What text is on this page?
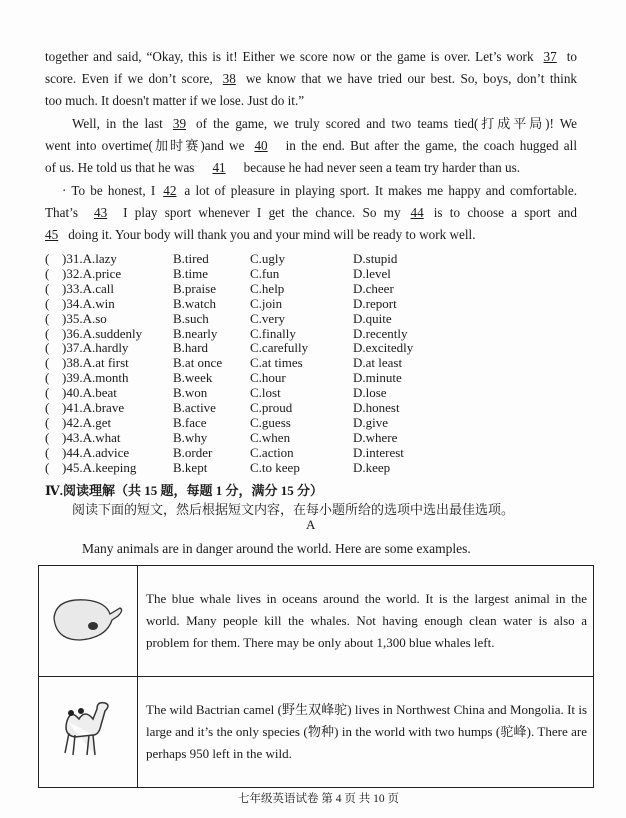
together and said, “Okay, this is it! Either we score now or the game is over. Let’s work 37 to
score. Even if we don’t score, 38 we know that we have tried our best. So, boys, don’t think
too much. It doesn't matter if we lose. Just do it.”
Well, in the last 39 of the game, we truly scored and two teams tied(打成平局)! We
went into overtime(加时赛)and we 40 in the end. But after the game, the coach hugged all
of us. He told us that he was 41 because he had never seen a team try harder than us.
· To be honest, I 42 a lot of pleasure in playing sport. It makes me happy and comfortable.
That’s 43 I play sport whenever I get the chance. So my 44 is to choose a sport and
45 doing it. Your body will thank you and your mind will be ready to work well.
( )31.A.lazy	B.tired	C.ugly	D.stupid
( )32.A.price	B.time	C.fun	D.level
( )33.A.call	B.praise	C.help	D.cheer
( )34.A.win	B.watch	C.join	D.report
( )35.A.so	B.such	C.very	D.quite
( )36.A.suddenly B.nearly	C.finally	D.recently
( )37.A.hardly	B.hard	C.carefully	D.excitedly
( )38.A.at first	B.at once C.at times	D.at least
( )39.A.month	B.week	C.hour	D.minute
( )40.A.beat	B.won	C.lost	D.lose
( )41.A.brave	B.active	C.proud	D.honest
( )42.A.get	B.face	C.guess	D.give
( )43.A.what	B.why	C.when	D.where
( )44.A.advice	B.order	C.action	D.interest
( )45.A.keeping	B.kept	C.to keep	D.keep
Ⅳ.阅读理解（共 15 题，每题 1 分，满分 15 分）
阅读下面的短文，然后根据短文内容，在每小题所给的选项中选出最佳选项。
A
Many animals are in danger around the world. Here are some examples.
	The blue whale lives in oceans around the world. It is the largest animal in the world. Many people kill the whales. Not having enough clean water is also a problem for them. There may be only about 1,300 blue whales left.
	The wild Bactrian camel (野生双峰驼) lives in Northwest China and Mongolia. It is large and it’s the only species (物种) in the world with two humps (驼峰). There are perhaps 950 left in the wild.
七年级英语试卷 第 4 页 共 10 页
